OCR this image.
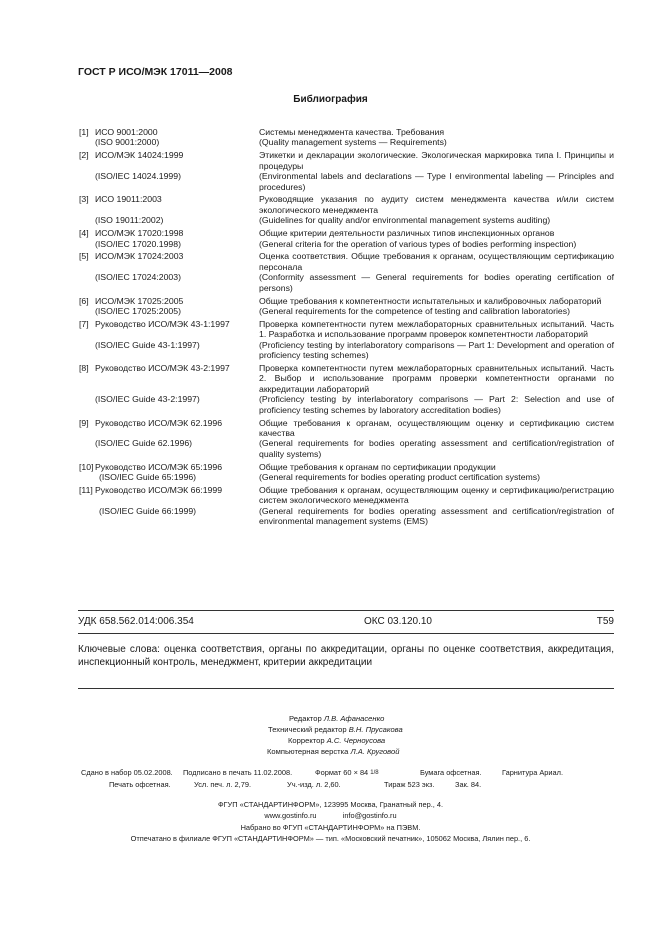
ГОСТ Р ИСО/МЭК 17011—2008
Библиография
[1] ИСО 9001:2000	Системы менеджмента качества. Требования
(ISO 9001:2000)	(Quality management systems — Requirements)
[2] ИСО/МЭК 14024:1999	Этикетки и декларации экологические. Экологическая маркировка типа I. Принципы и процедуры
(ISO/IEC 14024.1999)	(Environmental labels and declarations — Type I environmental labeling — Principles and procedures)
[3] ИСО 19011:2003	Руководящие указания по аудиту систем менеджмента качества и/или систем экологического менеджмента
(ISO 19011:2002)	(Guidelines for quality and/or environmental management systems auditing)
[4] ИСО/МЭК 17020:1998	Общие критерии деятельности различных типов инспекционных органов
(ISO/IEC 17020.1998)	(General criteria for the operation of various types of bodies performing inspection)
[5] ИСО/МЭК 17024:2003	Оценка соответствия. Общие требования к органам, осуществляющим сертификацию персонала
(ISO/IEC 17024:2003)	(Conformity assessment — General requirements for bodies operating certification of persons)
[6] ИСО/МЭК 17025:2005	Общие требования к компетентности испытательных и калибровочных лабораторий
(ISO/IEC 17025:2005)	(General requirements for the competence of testing and calibration laboratories)
[7] Руководство ИСО/МЭК 43-1:1997	Проверка компетентности путем межлабораторных сравнительных испытаний. Часть 1. Разработка и использование программ проверок компетентности лабораторий
(ISO/IEC Guide 43-1:1997)	(Proficiency testing by interlaboratory comparisons — Part 1: Development and operation of proficiency testing schemes)
[8] Руководство ИСО/МЭК 43-2:1997	Проверка компетентности путем межлабораторных сравнительных испытаний. Часть 2. Выбор и использование программ проверки компетентности органами по аккредитации лабораторий
(ISO/IEC Guide 43-2:1997)	(Proficiency testing by interlaboratory comparisons — Part 2: Selection and use of proficiency testing schemes by laboratory accreditation bodies)
[9] Руководство ИСО/МЭК 62.1996	Общие требования к органам, осуществляющим оценку и сертификацию систем качества
(ISO/IEC Guide 62.1996)	(General requirements for bodies operating assessment and certification/registration of quality systems)
[10] Руководство ИСО/МЭК 65:1996	Общие требования к органам по сертификации продукции
(ISO/IEC Guide 65:1996)	(General requirements for bodies operating product certification systems)
[11] Руководство ИСО/МЭК 66:1999	Общие требования к органам, осуществляющим оценку и сертификацию/регистрацию систем экологического менеджмента
(ISO/IEC Guide 66:1999)	(General requirements for bodies operating assessment and certification/registration of environmental management systems (EMS)
УДК 658.562.014:006.354	ОКС 03.120.10	Т59
Ключевые слова: оценка соответствия, органы по аккредитации, органы по оценке соответствия, аккредитация, инспекционный контроль, менеджмент, критерии аккредитации
Редактор Л.В. Афанасенко
Технический редактор В.Н. Прусакова
Корректор А.С. Черноусова
Компьютерная верстка Л.А. Круговой
Сдано в набор 05.02.2008. Подписано в печать 11.02.2008.	Формат 60 × 84 1/8	Бумага офсетная.	Гарнитура Ариал.
Печать офсетная.	Усл. печ. л. 2,79.	Уч.-изд. л. 2,60.	Тираж 523 экз.	Зак. 84.
ФГУП «СТАНДАРТИНФОРМ», 123995 Москва, Гранатный пер., 4.
www.gostinfo.ru	info@gostinfo.ru
Набрано во ФГУП «СТАНДАРТИНФОРМ» на ПЭВМ.
Отпечатано в филиале ФГУП «СТАНДАРТИНФОРМ» — тип. «Московский печатник», 105062 Москва, Лялин пер., 6.
